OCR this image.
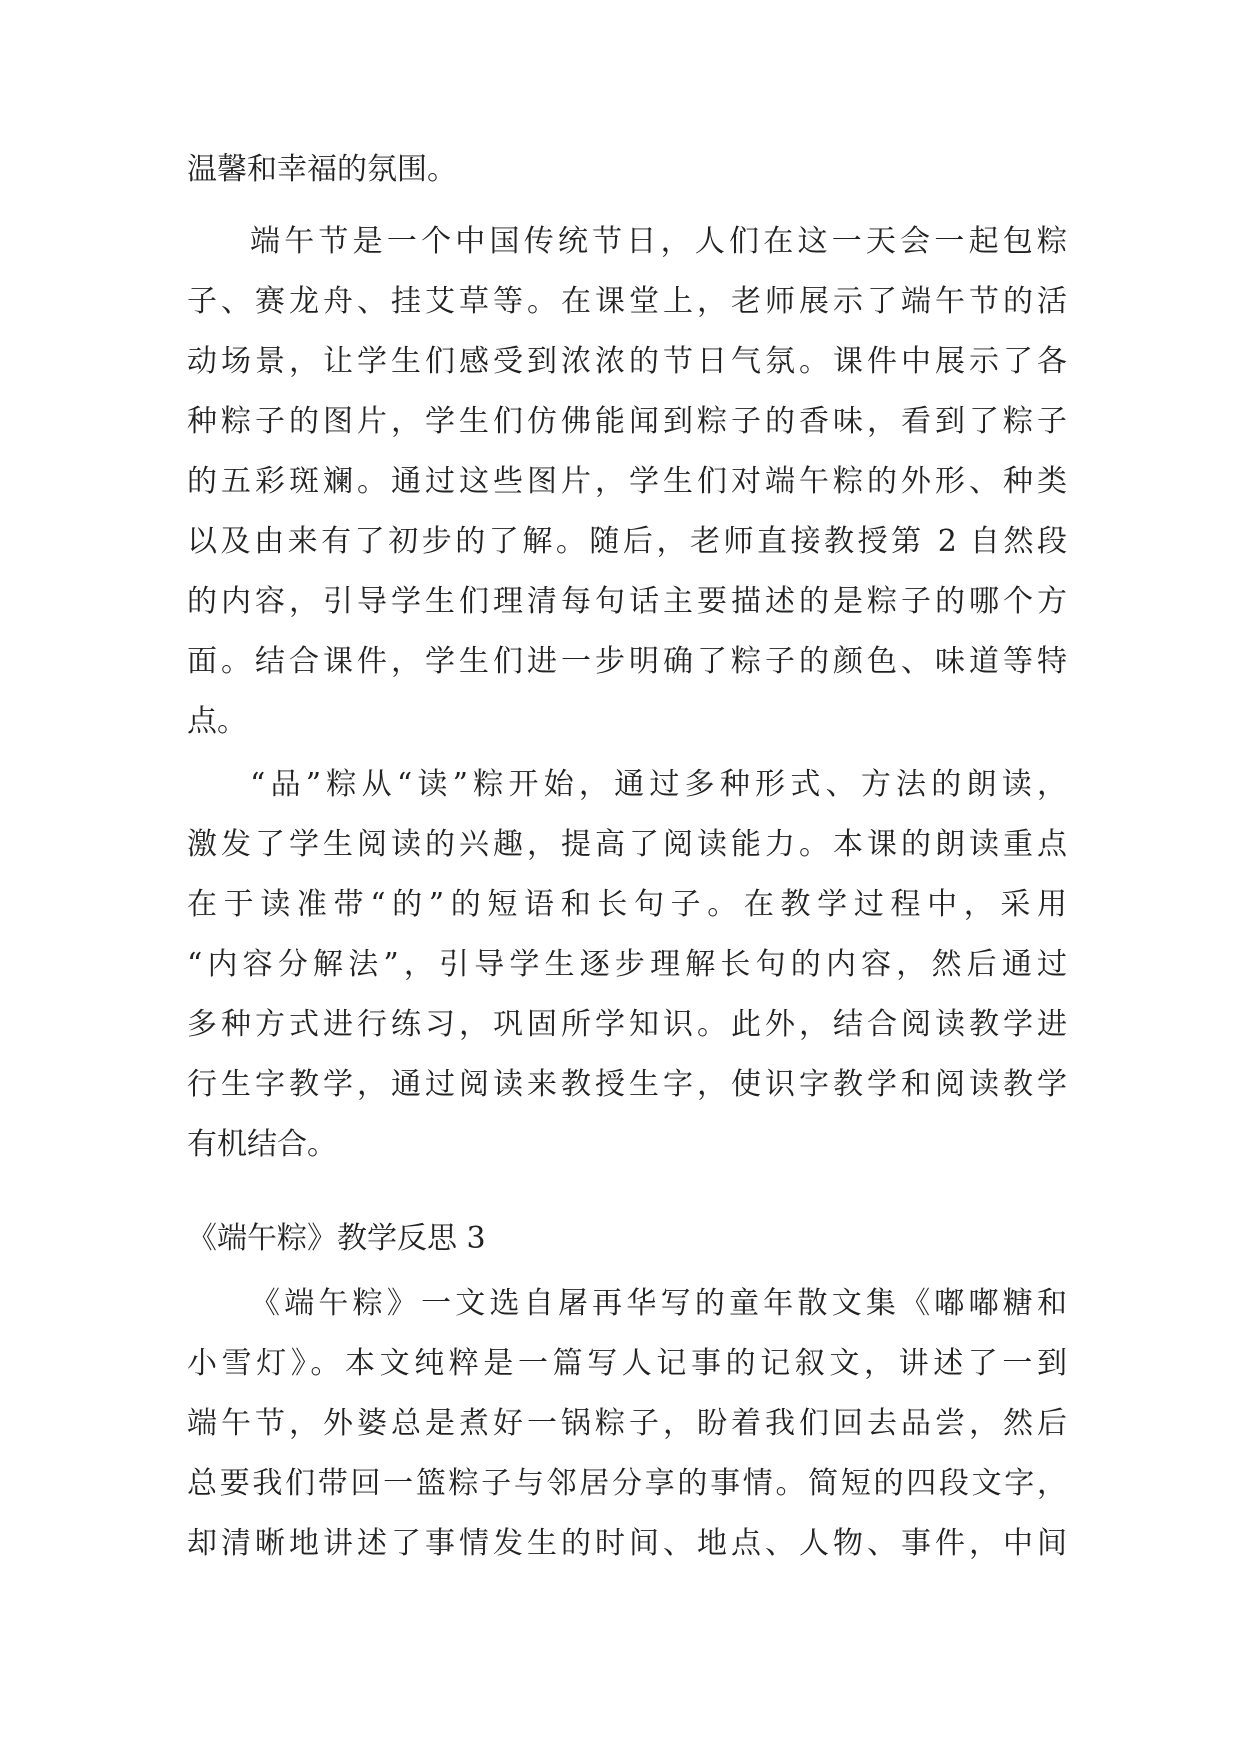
温馨和幸福的氛围。
端午节是一个中国传统节日，人们在这一天会一起包粽
子、赛龙舟、挂艾草等。在课堂上，老师展示了端午节的活
动场景，让学生们感受到浓浓的节日气氛。课件中展示了各
种粽子的图片，学生们仿佛能闻到粽子的香味，看到了粽子
的五彩斑斓。通过这些图片，学生们对端午粽的外形、种类
以及由来有了初步的了解。随后，老师直接教授第 2 自然段
的内容，引导学生们理清每句话主要描述的是粽子的哪个方
面。结合课件，学生们进一步明确了粽子的颜色、味道等特
点。
“品”粽从“读”粽开始，通过多种形式、方法的朗读，
激发了学生阅读的兴趣，提高了阅读能力。本课的朗读重点
在于读准带“的”的短语和长句子。在教学过程中，采用
“内容分解法”，引导学生逐步理解长句的内容，然后通过
多种方式进行练习，巩固所学知识。此外，结合阅读教学进
行生字教学，通过阅读来教授生字，使识字教学和阅读教学
有机结合。
《端午粽》教学反思 3
《端午粽》一文选自屠再华写的童年散文集《嘟嘟糖和
小雪灯》。本文纯粹是一篇写人记事的记叙文，讲述了一到
端午节，外婆总是煮好一锅粽子，盼着我们回去品尝，然后
总要我们带回一篮粽子与邻居分享的事情。简短的四段文字，
却清晰地讲述了事情发生的时间、地点、人物、事件，中间
